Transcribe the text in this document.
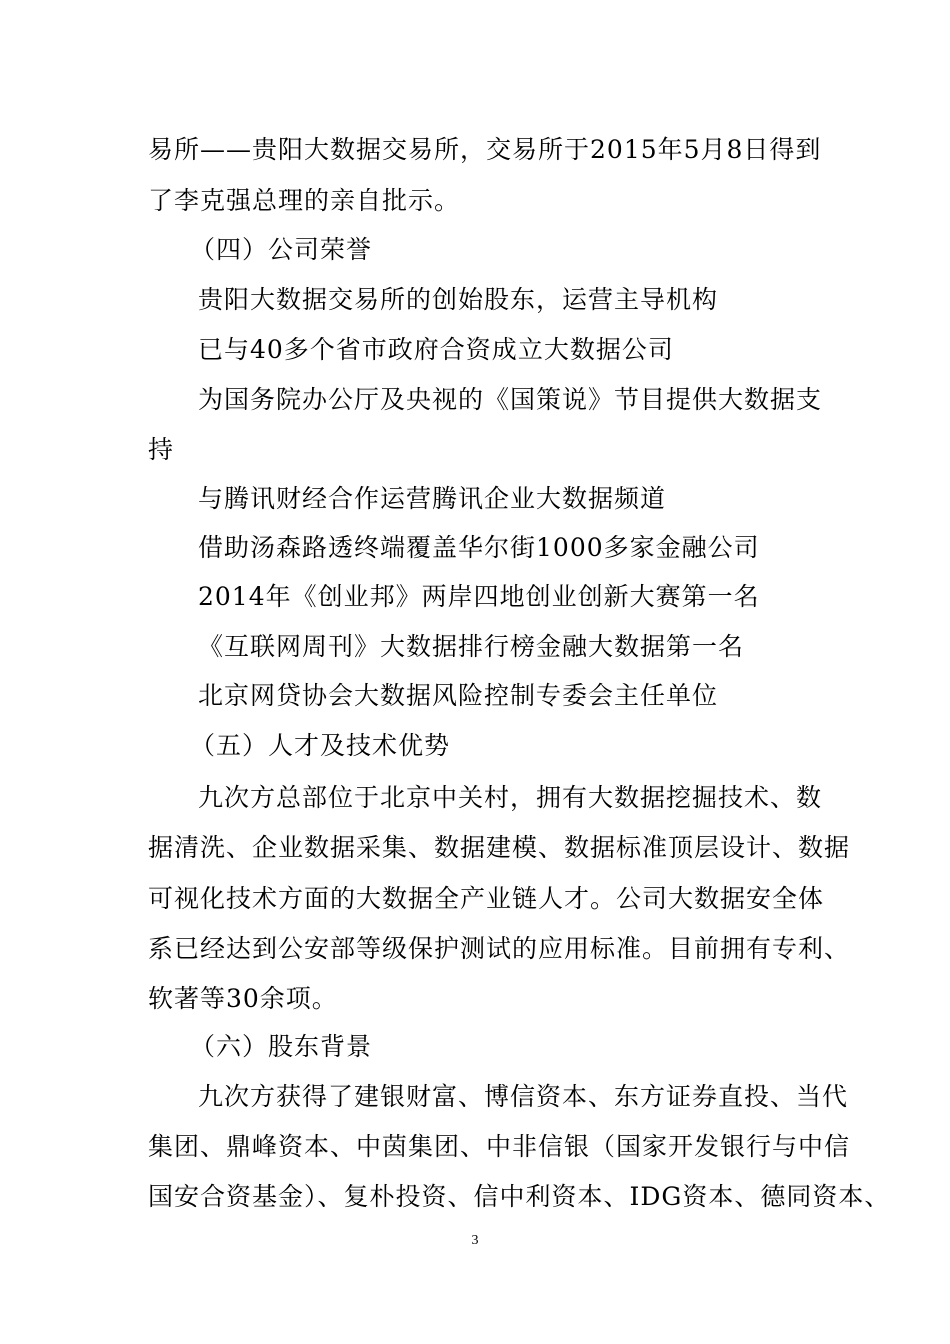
易所——贵阳大数据交易所，交易所于2015年5月8日得到
了李克强总理的亲自批示。
（四）公司荣誉
贵阳大数据交易所的创始股东，运营主导机构
已与40多个省市政府合资成立大数据公司
为国务院办公厅及央视的《国策说》节目提供大数据支
持
与腾讯财经合作运营腾讯企业大数据频道
借助汤森路透终端覆盖华尔街1000多家金融公司
2014年《创业邦》两岸四地创业创新大赛第一名
《互联网周刊》大数据排行榜金融大数据第一名
北京网贷协会大数据风险控制专委会主任单位
（五）人才及技术优势
九次方总部位于北京中关村，拥有大数据挖掘技术、数
据清洗、企业数据采集、数据建模、数据标准顶层设计、数据
可视化技术方面的大数据全产业链人才。公司大数据安全体
系已经达到公安部等级保护测试的应用标准。目前拥有专利、
软著等30余项。
（六）股东背景
九次方获得了建银财富、博信资本、东方证券直投、当代
集团、鼎峰资本、中茵集团、中非信银（国家开发银行与中信
国安合资基金）、复朴投资、信中利资本、IDG资本、德同资本、
3
